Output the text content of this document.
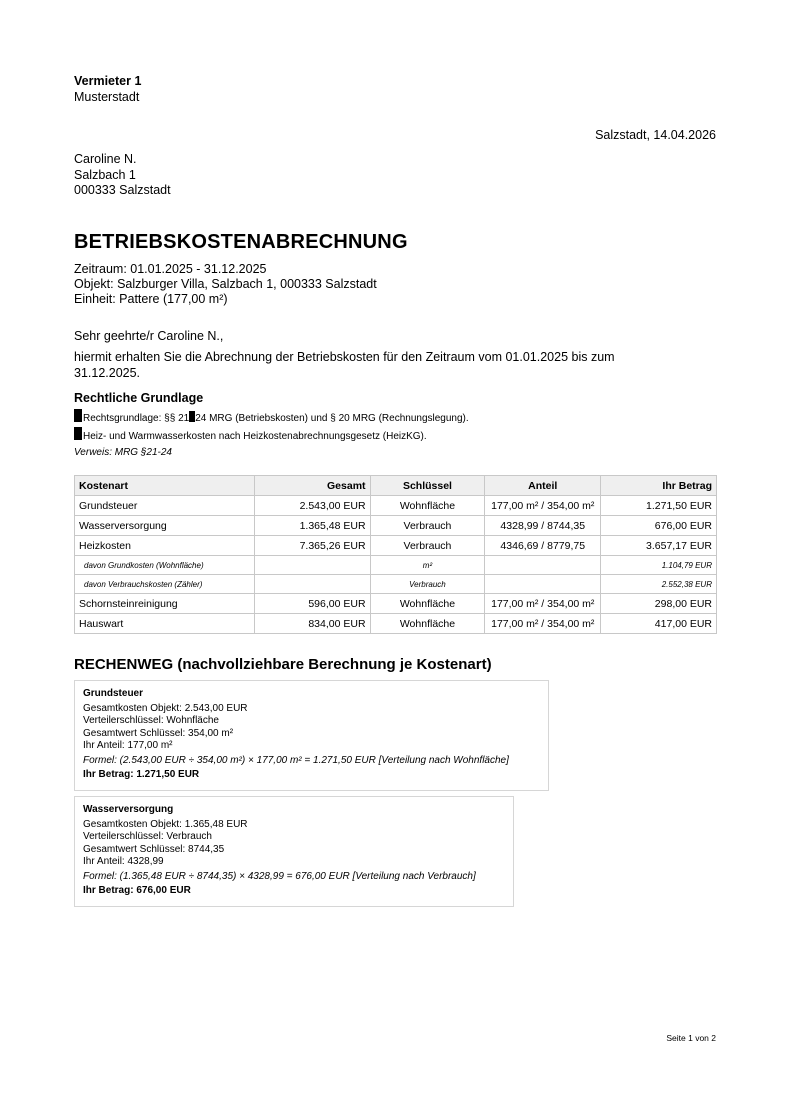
Vermieter 1
Musterstadt
Salzstadt, 14.04.2026
Caroline N.
Salzbach 1
000333 Salzstadt
BETRIEBSKOSTENABRECHNUNG
Zeitraum: 01.01.2025 - 31.12.2025
Objekt: Salzburger Villa, Salzbach 1, 000333 Salzstadt
Einheit: Pattere (177,00 m²)
Sehr geehrte/r Caroline N.,
hiermit erhalten Sie die Abrechnung der Betriebskosten für den Zeitraum vom 01.01.2025 bis zum 31.12.2025.
Rechtliche Grundlage
Rechtsgrundlage: §§ 21 24 MRG (Betriebskosten) und § 20 MRG (Rechnungslegung).
Heiz- und Warmwasserkosten nach Heizkostenabrechnungsgesetz (HeizKG).
Verweis: MRG §21-24
Kostenart	Gesamt	Schlüssel	Anteil	Ihr Betrag
Grundsteuer	2.543,00 EUR	Wohnfläche	177,00 m² / 354,00 m²	1.271,50 EUR
Wasserversorgung	1.365,48 EUR	Verbrauch	4328,99 / 8744,35	676,00 EUR
Heizkosten	7.365,26 EUR	Verbrauch	4346,69 / 8779,75	3.657,17 EUR
davon Grundkosten (Wohnfläche)		m²		1.104,79 EUR
davon Verbrauchskosten (Zähler)		Verbrauch		2.552,38 EUR
Schornsteinreinigung	596,00 EUR	Wohnfläche	177,00 m² / 354,00 m²	298,00 EUR
Hauswart	834,00 EUR	Wohnfläche	177,00 m² / 354,00 m²	417,00 EUR
RECHENWEG (nachvollziehbare Berechnung je Kostenart)
Grundsteuer
Gesamtkosten Objekt: 2.543,00 EUR
Verteilerschlüssel: Wohnfläche
Gesamtwert Schlüssel: 354,00 m²
Ihr Anteil: 177,00 m²
Formel: (2.543,00 EUR ÷ 354,00 m²) × 177,00 m² = 1.271,50 EUR [Verteilung nach Wohnfläche]
Ihr Betrag: 1.271,50 EUR
Wasserversorgung
Gesamtkosten Objekt: 1.365,48 EUR
Verteilerschlüssel: Verbrauch
Gesamtwert Schlüssel: 8744,35
Ihr Anteil: 4328,99
Formel: (1.365,48 EUR ÷ 8744,35) × 4328,99 = 676,00 EUR [Verteilung nach Verbrauch]
Ihr Betrag: 676,00 EUR
Seite 1 von 2
